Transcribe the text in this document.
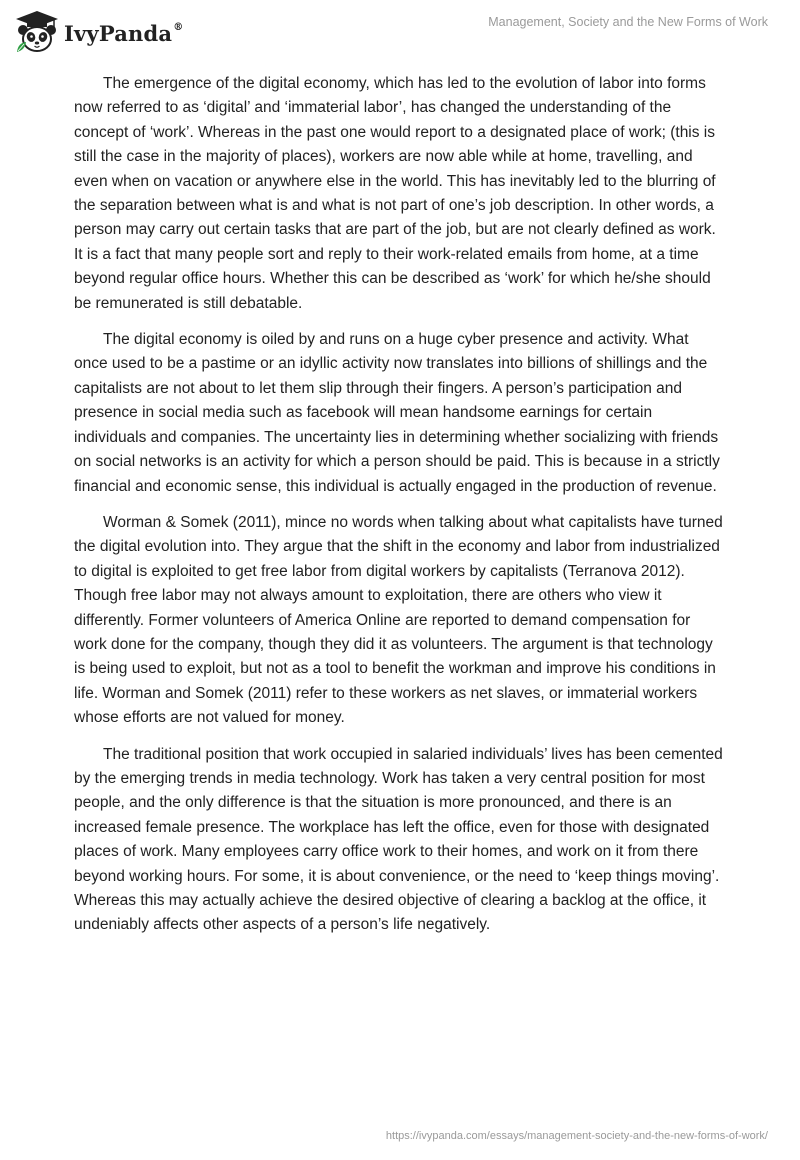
IvyPanda®	Management, Society and the New Forms of Work

The emergence of the digital economy, which has led to the evolution of labor into forms now referred to as ‘digital’ and ‘immaterial labor’, has changed the understanding of the concept of ‘work’. Whereas in the past one would report to a designated place of work; (this is still the case in the majority of places), workers are now able while at home, travelling, and even when on vacation or anywhere else in the world. This has inevitably led to the blurring of the separation between what is and what is not part of one’s job description. In other words, a person may carry out certain tasks that are part of the job, but are not clearly defined as work. It is a fact that many people sort and reply to their work-related emails from home, at a time beyond regular office hours. Whether this can be described as ‘work’ for which he/she should be remunerated is still debatable.

The digital economy is oiled by and runs on a huge cyber presence and activity. What once used to be a pastime or an idyllic activity now translates into billions of shillings and the capitalists are not about to let them slip through their fingers. A person’s participation and presence in social media such as facebook will mean handsome earnings for certain individuals and companies. The uncertainty lies in determining whether socializing with friends on social networks is an activity for which a person should be paid. This is because in a strictly financial and economic sense, this individual is actually engaged in the production of revenue.

Worman & Somek (2011), mince no words when talking about what capitalists have turned the digital evolution into. They argue that the shift in the economy and labor from industrialized to digital is exploited to get free labor from digital workers by capitalists (Terranova 2012). Though free labor may not always amount to exploitation, there are others who view it differently. Former volunteers of America Online are reported to demand compensation for work done for the company, though they did it as volunteers. The argument is that technology is being used to exploit, but not as a tool to benefit the workman and improve his conditions in life. Worman and Somek (2011) refer to these workers as net slaves, or immaterial workers whose efforts are not valued for money.

The traditional position that work occupied in salaried individuals’ lives has been cemented by the emerging trends in media technology. Work has taken a very central position for most people, and the only difference is that the situation is more pronounced, and there is an increased female presence. The workplace has left the office, even for those with designated places of work. Many employees carry office work to their homes, and work on it from there beyond working hours. For some, it is about convenience, or the need to ‘keep things moving’. Whereas this may actually achieve the desired objective of clearing a backlog at the office, it undeniably affects other aspects of a person’s life negatively.

https://ivypanda.com/essays/management-society-and-the-new-forms-of-work/
